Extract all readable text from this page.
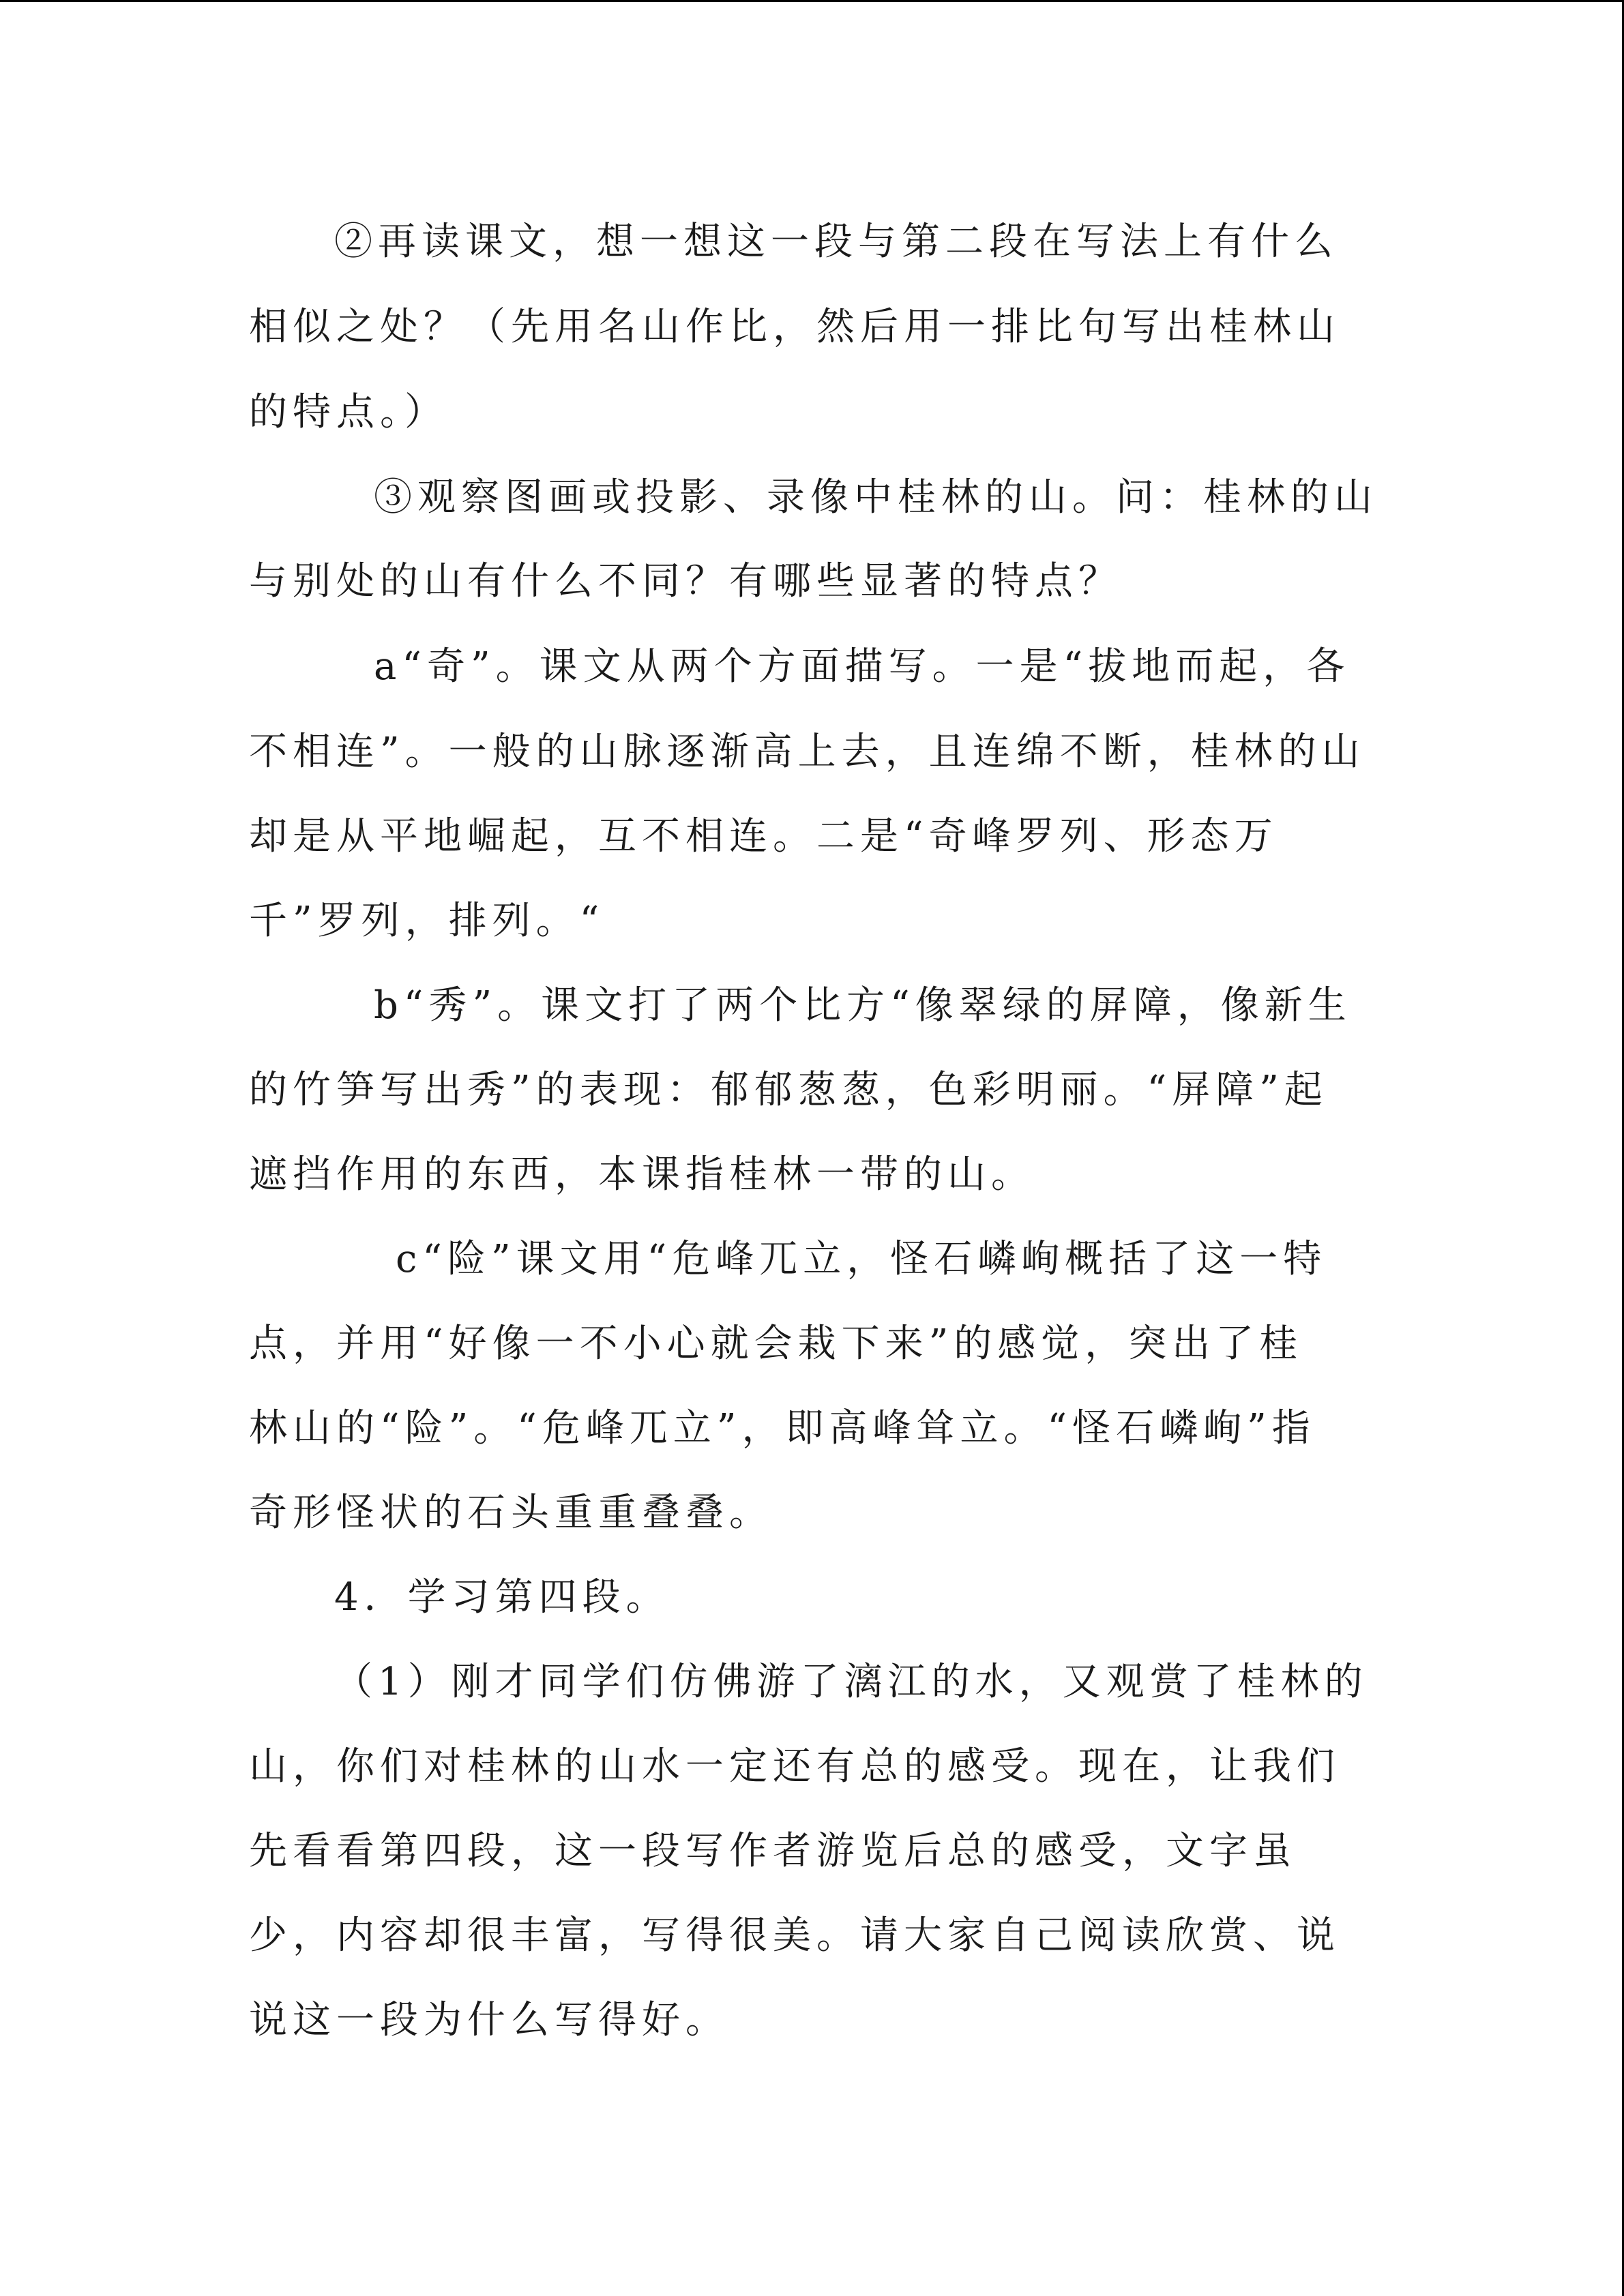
②再读课文，想一想这一段与第二段在写法上有什么
相似之处？（先用名山作比，然后用一排比句写出桂林山
的特点。）
③观察图画或投影、录像中桂林的山。问：桂林的山
与别处的山有什么不同？有哪些显著的特点？
a“奇”。课文从两个方面描写。一是“拔地而起，各
不相连”。一般的山脉逐渐高上去，且连绵不断，桂林的山
却是从平地崛起，互不相连。二是“奇峰罗列、形态万
千”罗列，排列。“
b“秀”。课文打了两个比方“像翠绿的屏障，像新生
的竹笋写出秀”的表现：郁郁葱葱，色彩明丽。“屏障”起
遮挡作用的东西，本课指桂林一带的山。
c“险”课文用“危峰兀立，怪石嶙峋概括了这一特
点，并用“好像一不小心就会栽下来”的感觉，突出了桂
林山的“险”。“危峰兀立”，即高峰耸立。“怪石嶙峋”指
奇形怪状的石头重重叠叠。
4．学习第四段。
（1）刚才同学们仿佛游了漓江的水，又观赏了桂林的
山，你们对桂林的山水一定还有总的感受。现在，让我们
先看看第四段，这一段写作者游览后总的感受，文字虽
少，内容却很丰富，写得很美。请大家自己阅读欣赏、说
说这一段为什么写得好。
